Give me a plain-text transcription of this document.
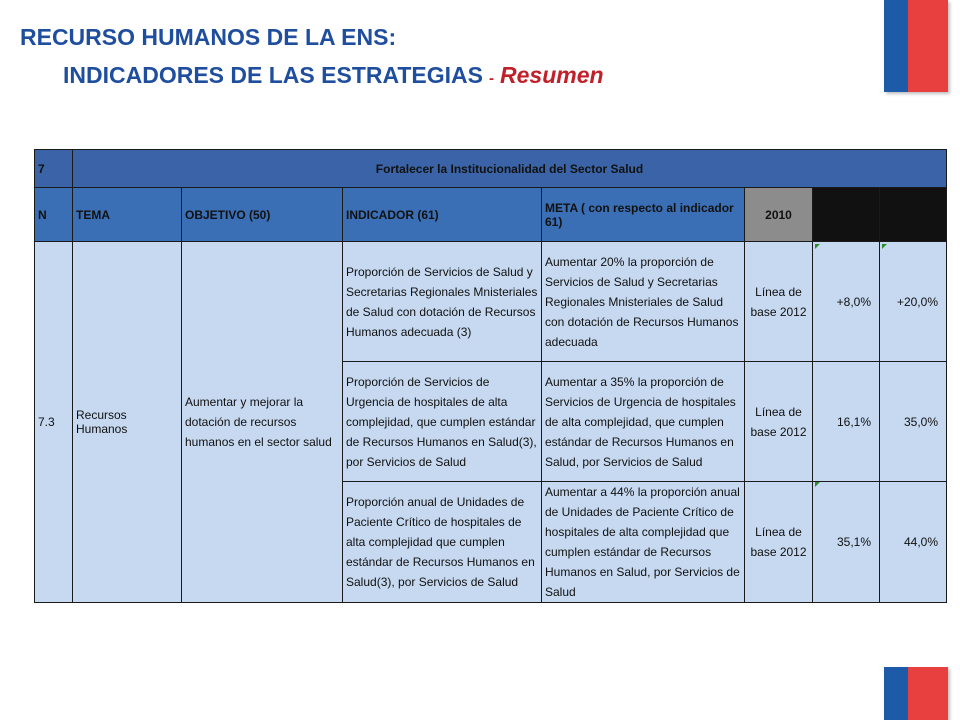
RECURSO HUMANOS DE LA ENS:
INDICADORES DE LAS ESTRATEGIAS - Resumen
7	Fortalecer la Institucionalidad del Sector Salud						
N	TEMA	OBJETIVO (50)	INDICADOR (61)	META ( con respecto al indicador 61)	2010	2015	2020
7.3	Recursos Humanos	Aumentar y mejorar la dotación de recursos humanos en el sector salud	Proporción de Servicios de Salud y Secretarias Regionales Mnisteriales de Salud con dotación de Recursos Humanos adecuada (3)	Aumentar 20% la proporción de Servicios de Salud y Secretarias Regionales Mnisteriales de Salud con dotación de Recursos Humanos adecuada	Línea de base 2012	+8,0%	+20,0%
			Proporción de Servicios de Urgencia de hospitales de alta complejidad, que cumplen estándar de Recursos Humanos en Salud(3), por Servicios de Salud	Aumentar a 35% la proporción de Servicios de Urgencia de hospitales de alta complejidad, que cumplen estándar de Recursos Humanos en Salud, por Servicios de Salud	Línea de base 2012	16,1%	35,0%
			Proporción anual de Unidades de Paciente Crítico de hospitales de alta complejidad que cumplen estándar de Recursos Humanos en Salud(3), por Servicios de Salud	Aumentar a 44% la proporción anual de Unidades de Paciente Crítico de hospitales de alta complejidad que cumplen estándar de Recursos Humanos en Salud, por Servicios de Salud	Línea de base 2012	35,1%	44,0%
